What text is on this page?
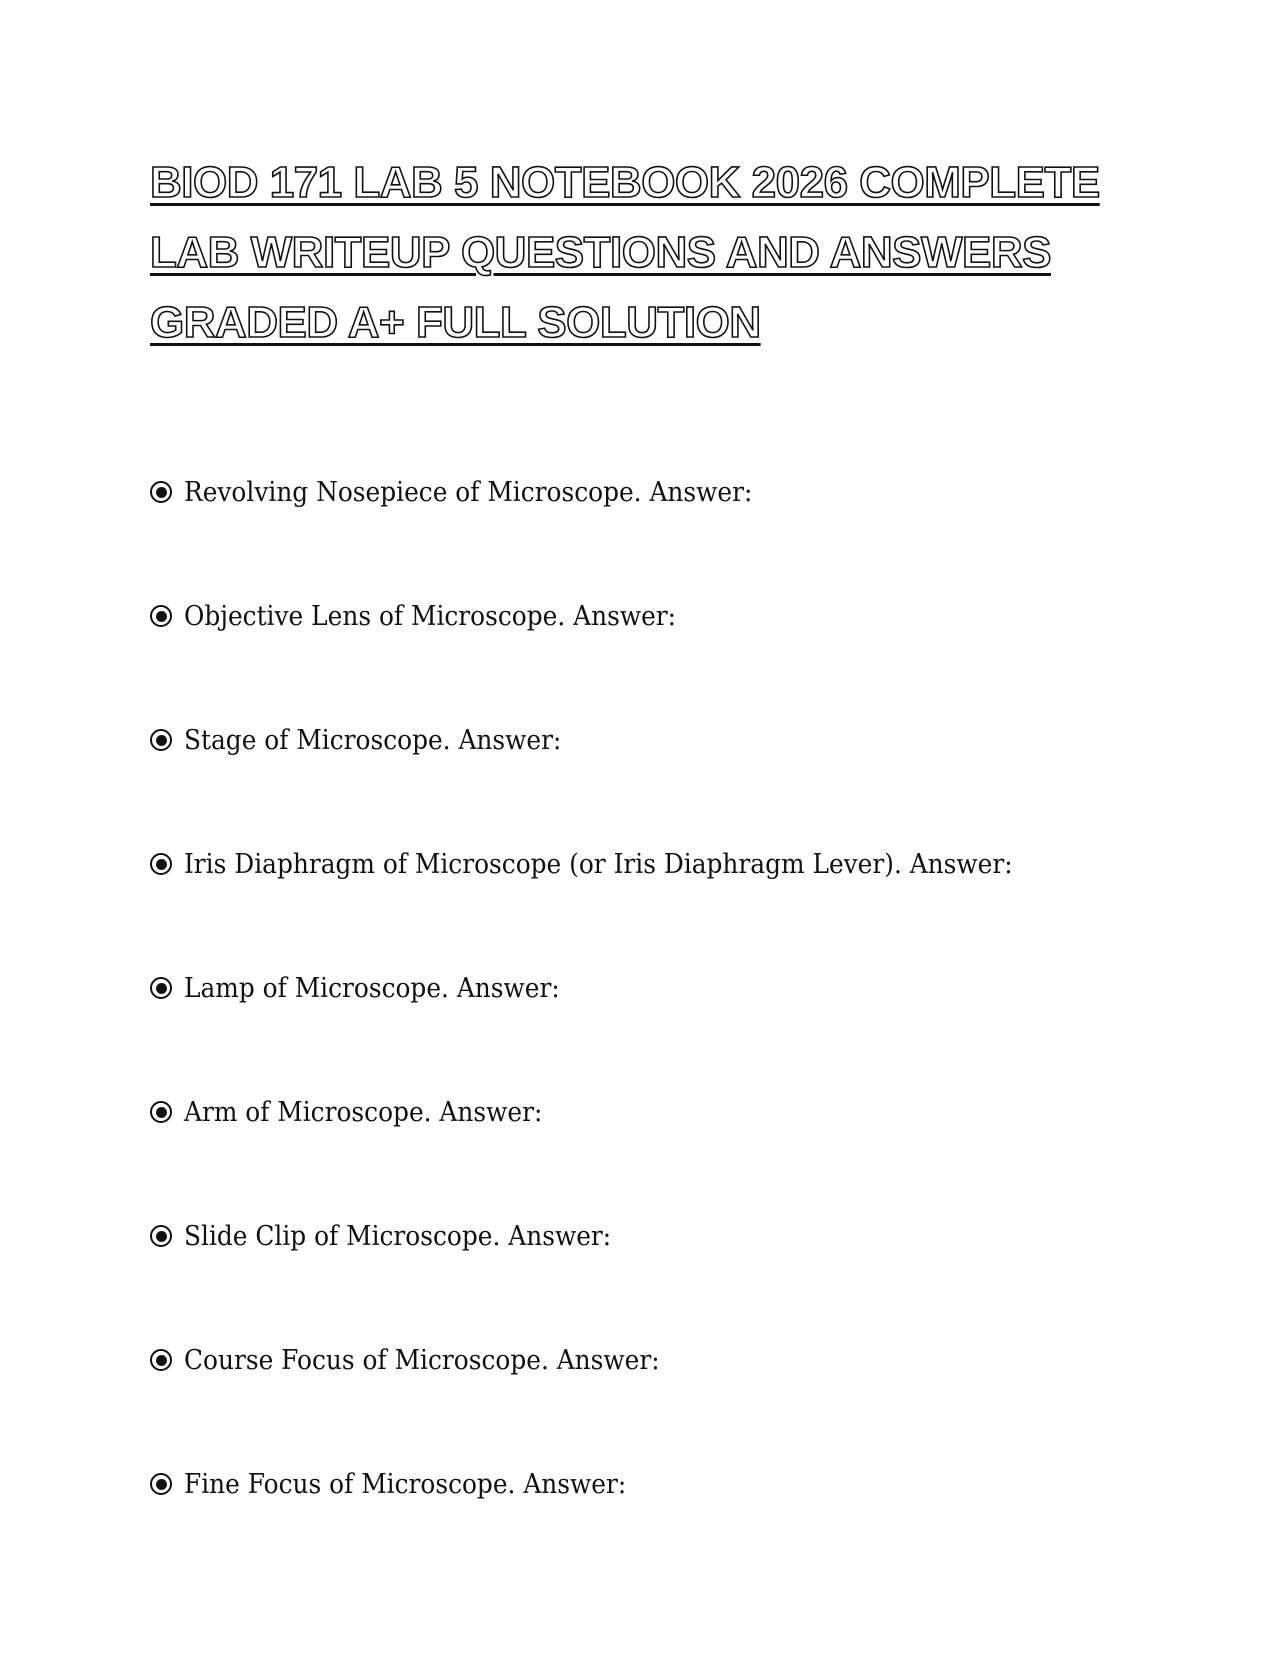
BIOD 171 LAB 5 NOTEBOOK 2026 COMPLETE
LAB WRITEUP QUESTIONS AND ANSWERS
GRADED A+ FULL SOLUTION
Revolving Nosepiece of Microscope. Answer:
Objective Lens of Microscope. Answer:
Stage of Microscope. Answer:
Iris Diaphragm of Microscope (or Iris Diaphragm Lever). Answer:
Lamp of Microscope. Answer:
Arm of Microscope. Answer:
Slide Clip of Microscope. Answer:
Course Focus of Microscope. Answer:
Fine Focus of Microscope. Answer:
